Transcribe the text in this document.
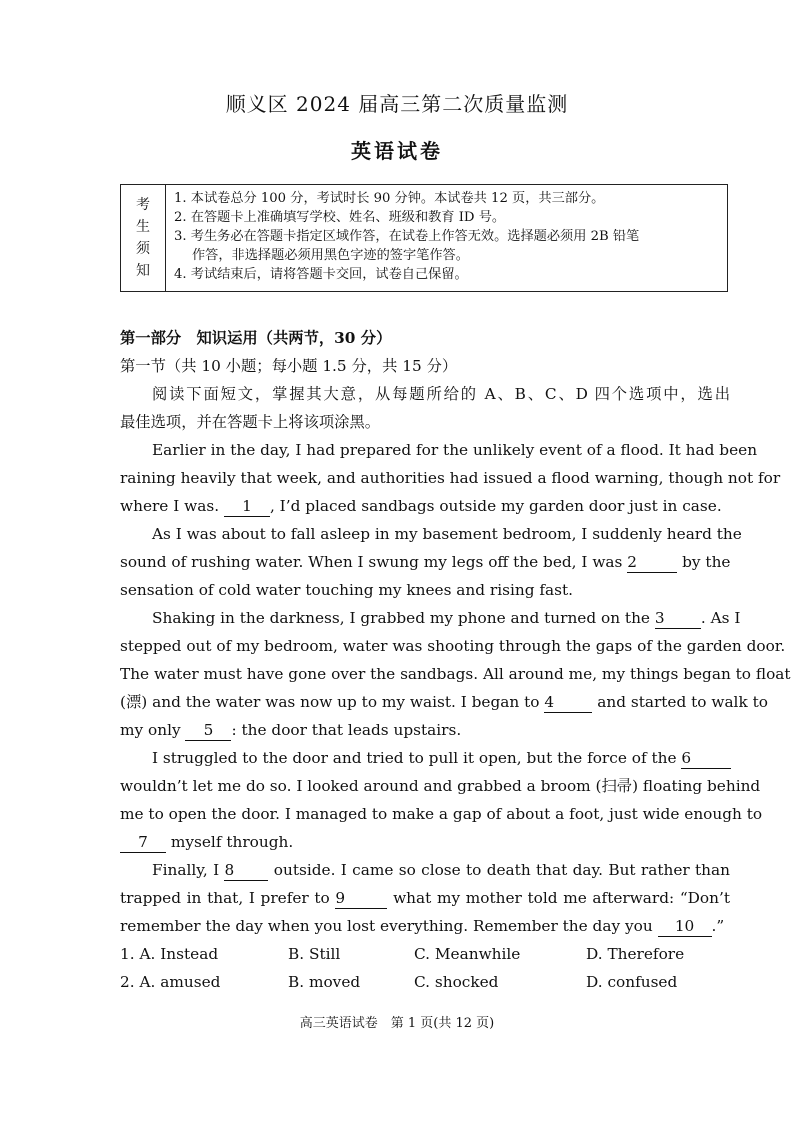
顺义区 2024 届高三第二次质量监测
英语试卷
考
生
须
知
1. 本试卷总分 100 分，考试时长 90 分钟。本试卷共 12 页，共三部分。
2. 在答题卡上准确填写学校、姓名、班级和教育 ID 号。
3. 考生务必在答题卡指定区域作答，在试卷上作答无效。选择题必须用 2B 铅笔
作答，非选择题必须用黑色字迹的签字笔作答。
4. 考试结束后，请将答题卡交回，试卷自己保留。
第一部分　知识运用（共两节，30 分）
第一节（共 10 小题；每小题 1.5 分，共 15 分）
阅读下面短文，掌握其大意，从每题所给的 A、B、C、D 四个选项中，选出
最佳选项，并在答题卡上将该项涂黑。
Earlier in the day, I had prepared for the unlikely event of a flood. It had been
raining heavily that week, and authorities had issued a flood warning, though not for
where I was. 1 , I’d placed sandbags outside my garden door just in case.
As I was about to fall asleep in my basement bedroom, I suddenly heard the
sound of rushing water. When I swung my legs off the bed, I was 2	by the
sensation of cold water touching my knees and rising fast.
Shaking in the darkness, I grabbed my phone and turned on the 3 . As I
stepped out of my bedroom, water was shooting through the gaps of the garden door.
The water must have gone over the sandbags. All around me, my things began to float
(漂) and the water was now up to my waist. I began to 4	and started to walk to
my only 5 : the door that leads upstairs.
I struggled to the door and tried to pull it open, but the force of the 6
wouldn’t let me do so. I looked around and grabbed a broom (扫帚) floating behind
me to open the door. I managed to make a gap of about a foot, just wide enough to
7 myself through.
Finally, I 8	outside. I came so close to death that day. But rather than
trapped in that, I prefer to 9	what my mother told me afterward: “Don’t
remember the day when you lost everything. Remember the day you 10 .”
1. A. Instead	B. Still	C. Meanwhile	D. Therefore
2. A. amused	B. moved	C. shocked	D. confused
高三英语试卷　第 1 页(共 12 页)
